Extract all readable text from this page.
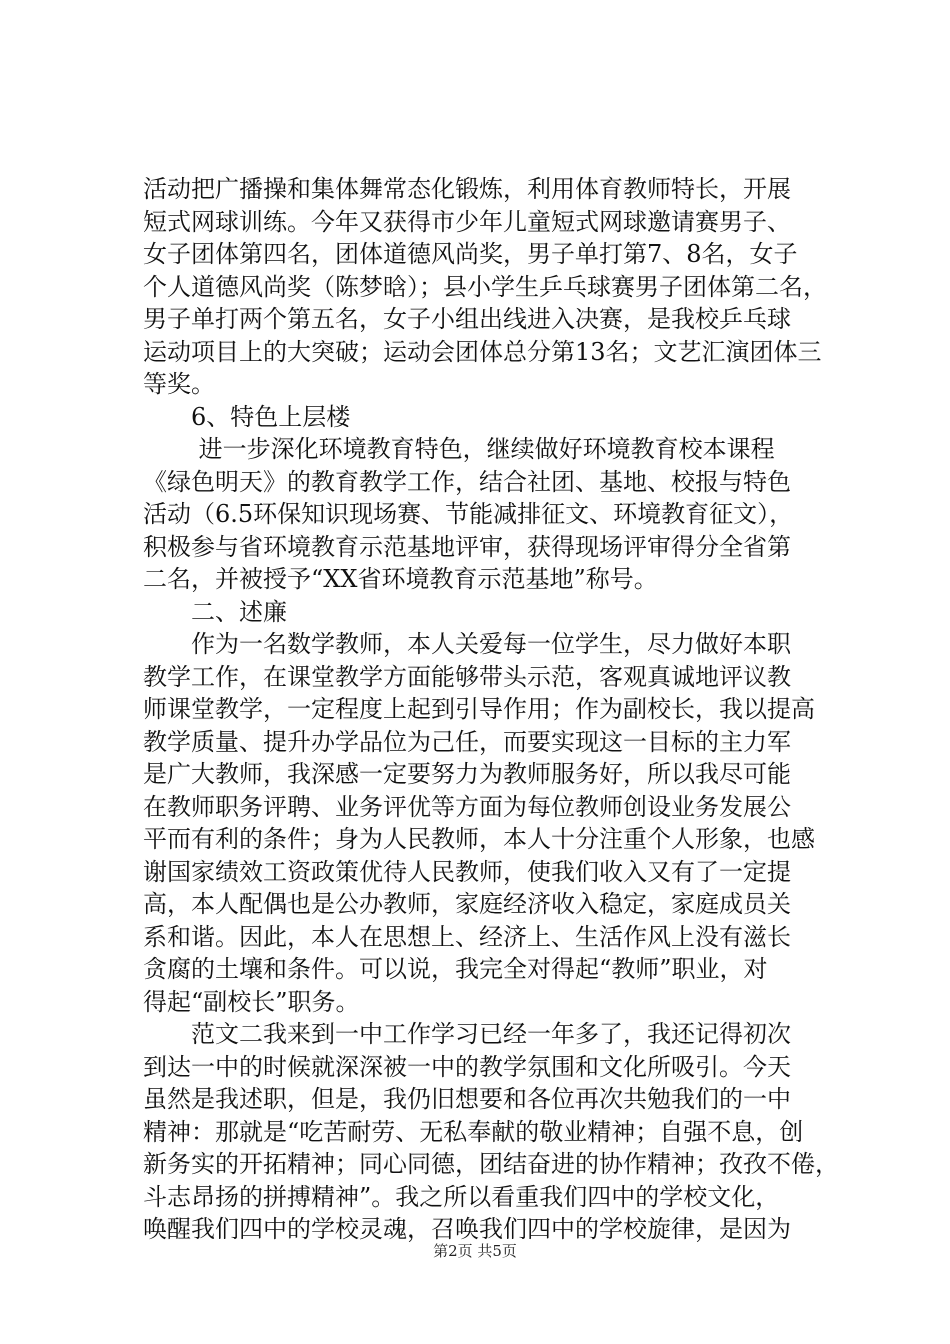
活动把广播操和集体舞常态化锻炼，利用体育教师特长，开展
短式网球训练。今年又获得市少年儿童短式网球邀请赛男子、
女子团体第四名，团体道德风尚奖，男子单打第7、8名，女子
个人道德风尚奖（陈梦晗）；县小学生乒乓球赛男子团体第二名，
男子单打两个第五名，女子小组出线进入决赛，是我校乒乓球
运动项目上的大突破；运动会团体总分第13名；文艺汇演团体三
等奖。
　　6、特色上层楼
　　 进一步深化环境教育特色，继续做好环境教育校本课程
《绿色明天》的教育教学工作，结合社团、基地、校报与特色
活动（6.5环保知识现场赛、节能减排征文、环境教育征文），
积极参与省环境教育示范基地评审，获得现场评审得分全省第
二名，并被授予“XX省环境教育示范基地”称号。
　　二、述廉
　　作为一名数学教师，本人关爱每一位学生，尽力做好本职
教学工作，在课堂教学方面能够带头示范，客观真诚地评议教
师课堂教学，一定程度上起到引导作用；作为副校长，我以提高
教学质量、提升办学品位为己任，而要实现这一目标的主力军
是广大教师，我深感一定要努力为教师服务好，所以我尽可能
在教师职务评聘、业务评优等方面为每位教师创设业务发展公
平而有利的条件；身为人民教师，本人十分注重个人形象，也感
谢国家绩效工资政策优待人民教师，使我们收入又有了一定提
高，本人配偶也是公办教师，家庭经济收入稳定，家庭成员关
系和谐。因此，本人在思想上、经济上、生活作风上没有滋长
贪腐的土壤和条件。可以说，我完全对得起“教师”职业，对
得起“副校长”职务。
　　范文二我来到一中工作学习已经一年多了，我还记得初次
到达一中的时候就深深被一中的教学氛围和文化所吸引。今天
虽然是我述职，但是，我仍旧想要和各位再次共勉我们的一中
精神：那就是“吃苦耐劳、无私奉献的敬业精神；自强不息，创
新务实的开拓精神；同心同德，团结奋进的协作精神；孜孜不倦，
斗志昂扬的拼搏精神”。我之所以看重我们四中的学校文化，
唤醒我们四中的学校灵魂，召唤我们四中的学校旋律，是因为
第2页 共5页
